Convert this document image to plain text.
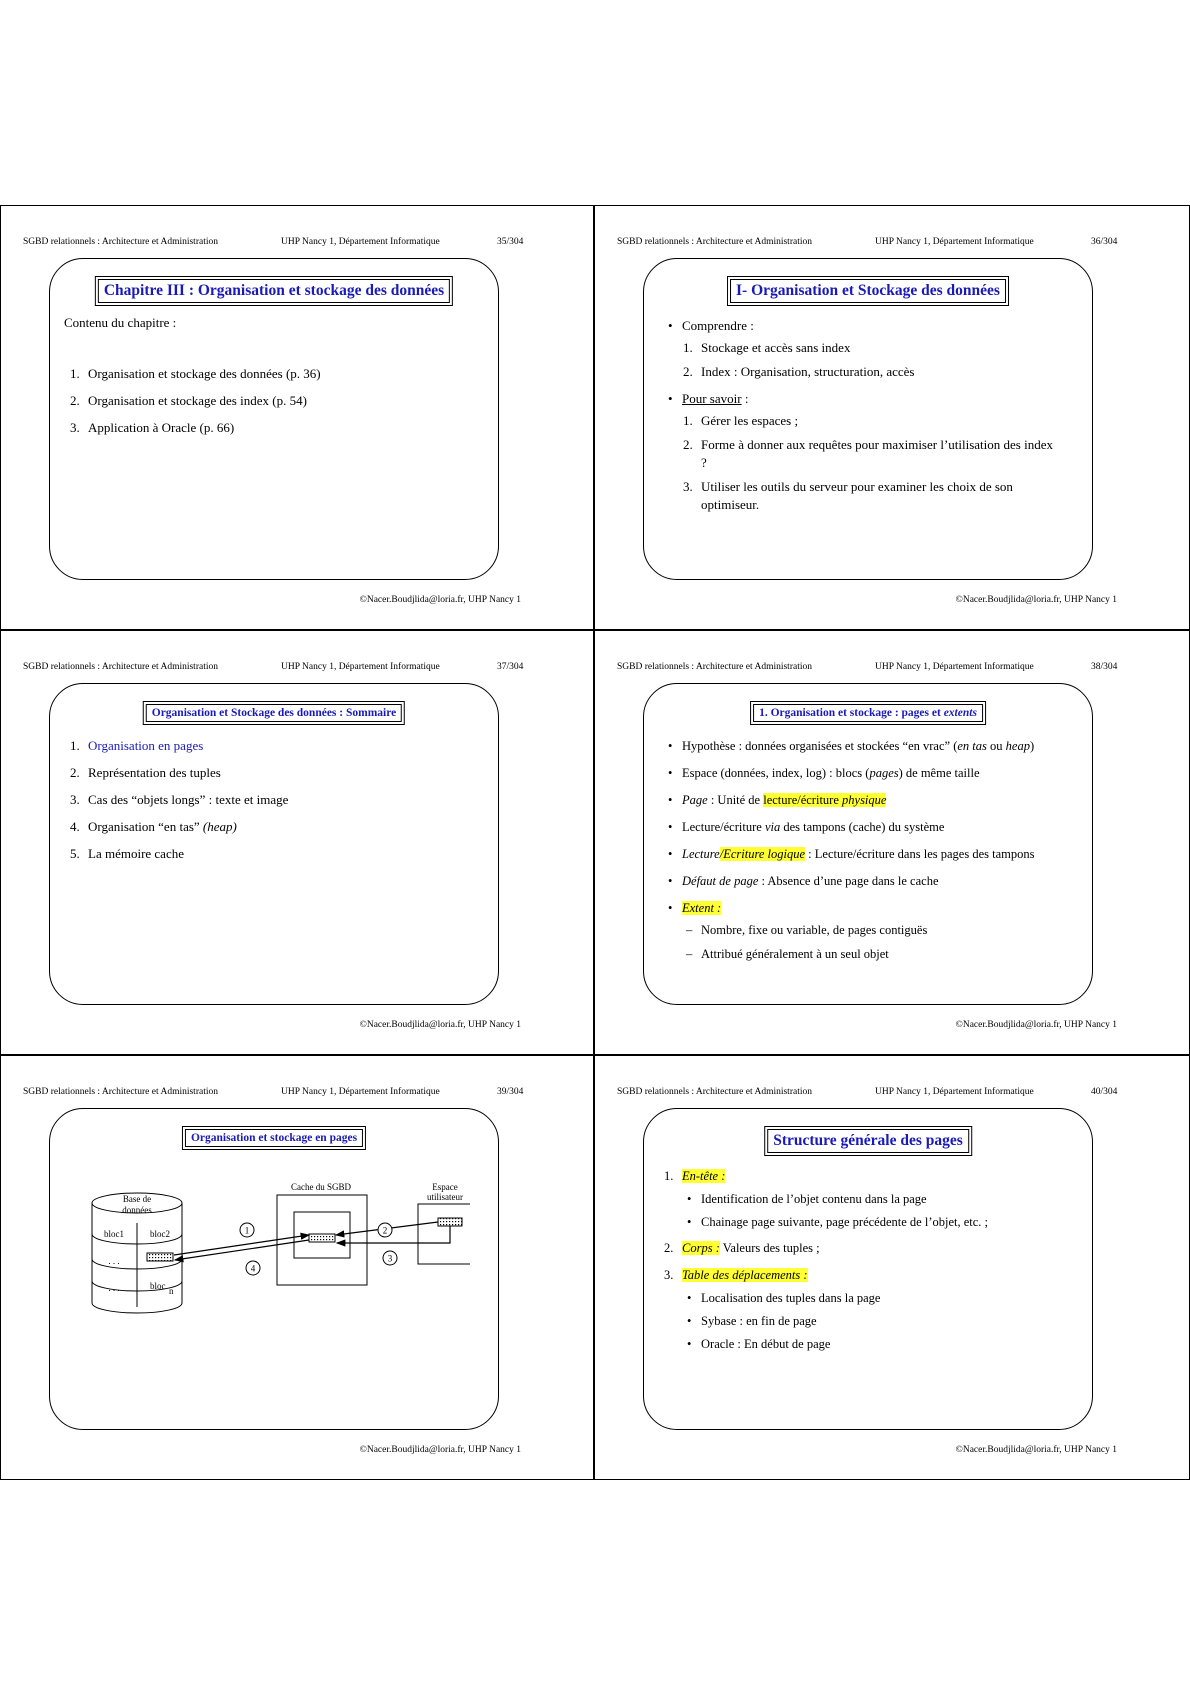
SGBD relationnels : Architecture et Administration	UHP Nancy 1, Département Informatique	35/304
Chapitre III : Organisation et stockage des données
Contenu du chapitre :
1. Organisation et stockage des données (p. 36)
2. Organisation et stockage des index (p. 54)
3. Application à Oracle (p. 66)
©Nacer.Boudjlida@loria.fr, UHP Nancy 1
SGBD relationnels : Architecture et Administration	UHP Nancy 1, Département Informatique	36/304
I- Organisation et Stockage des données
• Comprendre :
1. Stockage et accès sans index
2. Index : Organisation, structuration, accès
• Pour savoir :
1. Gérer les espaces ;
2. Forme à donner aux requêtes pour maximiser l’utilisation des index ?
3. Utiliser les outils du serveur pour examiner les choix de son optimiseur.
©Nacer.Boudjlida@loria.fr, UHP Nancy 1
SGBD relationnels : Architecture et Administration	UHP Nancy 1, Département Informatique	37/304
Organisation et Stockage des données : Sommaire
1. Organisation en pages
2. Représentation des tuples
3. Cas des “objets longs” : texte et image
4. Organisation “en tas” (heap)
5. La mémoire cache
©Nacer.Boudjlida@loria.fr, UHP Nancy 1
SGBD relationnels : Architecture et Administration	UHP Nancy 1, Département Informatique	38/304
1. Organisation et stockage : pages et extents
• Hypothèse : données organisées et stockées “en vrac” (en tas ou heap)
• Espace (données, index, log) : blocs (pages) de même taille
• Page : Unité de lecture/écriture physique
• Lecture/écriture via des tampons (cache) du système
• Lecture/Ecriture logique : Lecture/écriture dans les pages des tampons
• Défaut de page : Absence d’une page dans le cache
• Extent :
– Nombre, fixe ou variable, de pages contiguës
– Attribué généralement à un seul objet
©Nacer.Boudjlida@loria.fr, UHP Nancy 1
SGBD relationnels : Architecture et Administration	UHP Nancy 1, Département Informatique	39/304
Organisation et stockage en pages
Base de
données
bloc1	bloc2
. . .
. . .	bloc n
Cache du SGBD	Espace
utilisateur
1	2
3
4
©Nacer.Boudjlida@loria.fr, UHP Nancy 1
SGBD relationnels : Architecture et Administration	UHP Nancy 1, Département Informatique	40/304
Structure générale des pages
1. En-tête :
• Identification de l’objet contenu dans la page
• Chainage page suivante, page précédente de l’objet, etc. ;
2. Corps : Valeurs des tuples ;
3. Table des déplacements :
• Localisation des tuples dans la page
• Sybase : en fin de page
• Oracle : En début de page
©Nacer.Boudjlida@loria.fr, UHP Nancy 1
